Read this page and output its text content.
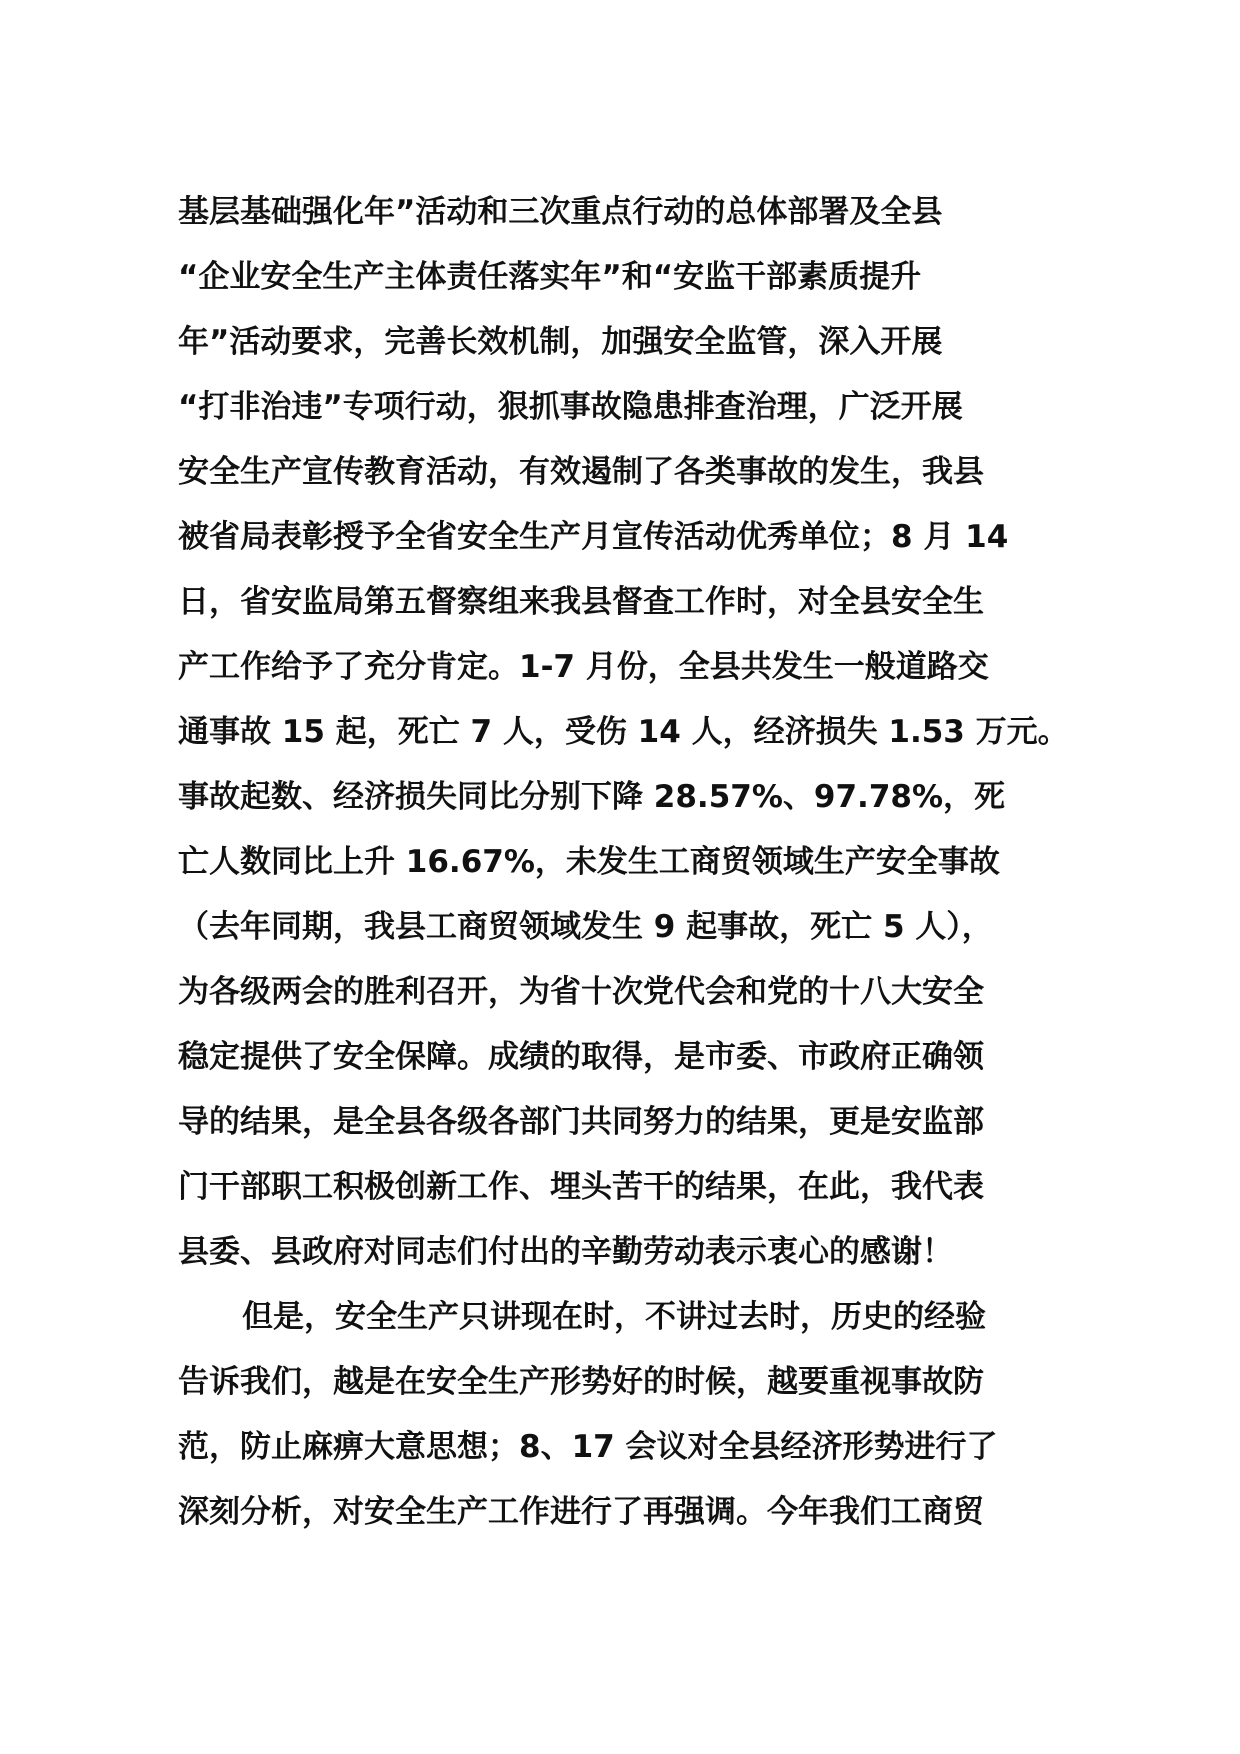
基层基础强化年”活动和三次重点行动的总体部署及全县
“企业安全生产主体责任落实年”和“安监干部素质提升
年”活动要求，完善长效机制，加强安全监管，深入开展
“打非治违”专项行动，狠抓事故隐患排查治理，广泛开展
安全生产宣传教育活动，有效遏制了各类事故的发生，我县
被省局表彰授予全省安全生产月宣传活动优秀单位；8 月 14
日，省安监局第五督察组来我县督查工作时，对全县安全生
产工作给予了充分肯定。1-7 月份，全县共发生一般道路交
通事故 15 起，死亡 7 人，受伤 14 人，经济损失 1.53 万元。
事故起数、经济损失同比分别下降 28.57%、97.78%，死
亡人数同比上升 16.67%，未发生工商贸领域生产安全事故
（去年同期，我县工商贸领域发生 9 起事故，死亡 5 人），
为各级两会的胜利召开，为省十次党代会和党的十八大安全
稳定提供了安全保障。成绩的取得，是市委、市政府正确领
导的结果，是全县各级各部门共同努力的结果，更是安监部
门干部职工积极创新工作、埋头苦干的结果，在此，我代表
县委、县政府对同志们付出的辛勤劳动表示衷心的感谢！
但是，安全生产只讲现在时，不讲过去时，历史的经验
告诉我们，越是在安全生产形势好的时候，越要重视事故防
范，防止麻痹大意思想；8、17 会议对全县经济形势进行了
深刻分析，对安全生产工作进行了再强调。今年我们工商贸
